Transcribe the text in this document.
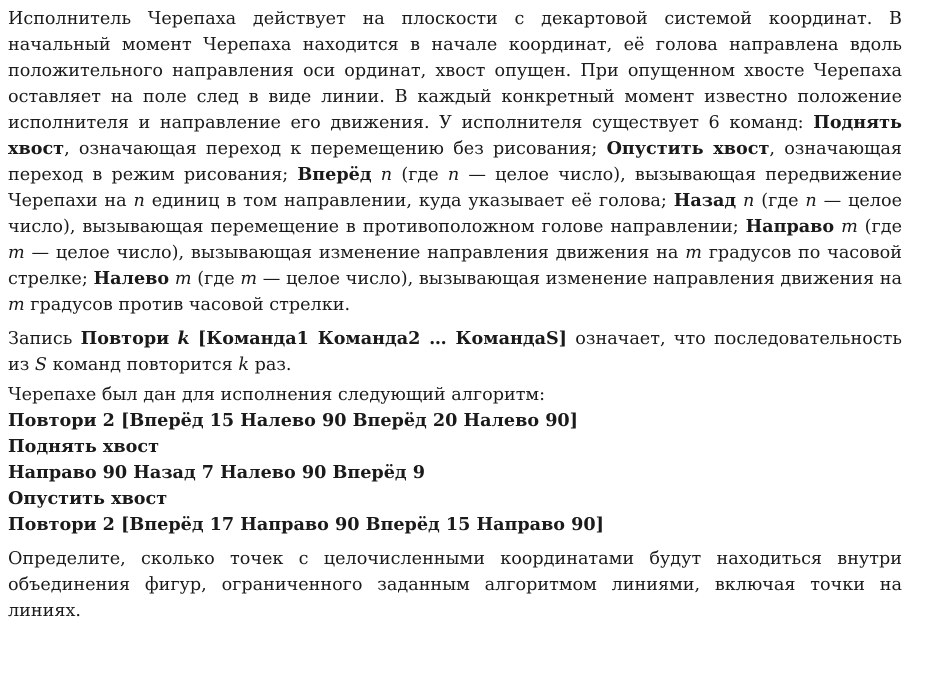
Исполнитель Черепаха действует на плоскости с декартовой системой координат. В начальный момент Черепаха находится в начале координат, её голова направлена вдоль положительного направления оси ординат, хвост опущен. При опущенном хвосте Черепаха оставляет на поле след в виде линии. В каждый конкретный момент известно положение исполнителя и направление его движения. У исполнителя существует 6 команд: Поднять хвост, означающая переход к перемещению без рисования; Опустить хвост, означающая переход в режим рисования; Вперёд n (где n — целое число), вызывающая передвижение Черепахи на n единиц в том направлении, куда указывает её голова; Назад n (где n — целое число), вызывающая перемещение в противоположном голове направлении; Направо m (где m — целое число), вызывающая изменение направления движения на m градусов по часовой стрелке; Налево m (где m — целое число), вызывающая изменение направления движения на m градусов против часовой стрелки.

Запись Повтори k [Команда1 Команда2 … КомандаS] означает, что последовательность из S команд повторится k раз.

Черепахе был дан для исполнения следующий алгоритм:

Повтори 2 [Вперёд 15 Налево 90 Вперёд 20 Налево 90]
Поднять хвост
Направо 90 Назад 7 Налево 90 Вперёд 9
Опустить хвост
Повтори 2 [Вперёд 17 Направо 90 Вперёд 15 Направо 90]

Определите, сколько точек с целочисленными координатами будут находиться внутри объединения фигур, ограниченного заданным алгоритмом линиями, включая точки на линиях.
